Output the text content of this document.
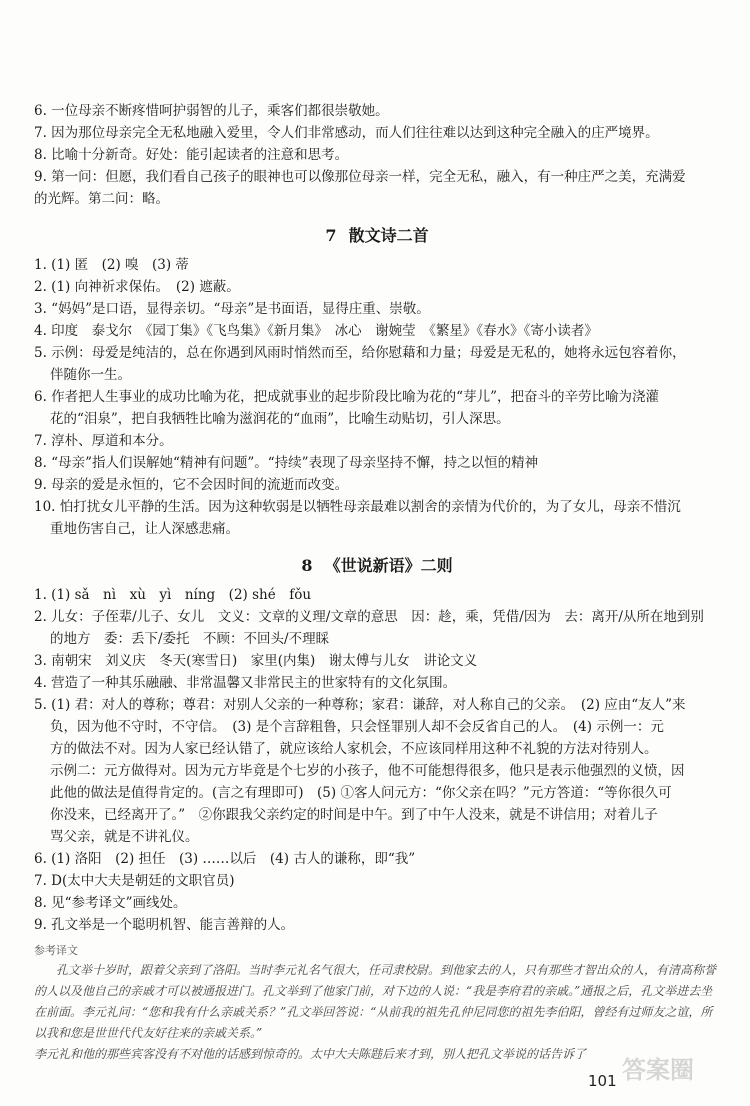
6. 一位母亲不断疼惜呵护弱智的儿子，乘客们都很崇敬她。

7. 因为那位母亲完全无私地融入爱里，令人们非常感动，而人们往往难以达到这种完全融入的庄严境界。

8. 比喻十分新奇。好处：能引起读者的注意和思考。

9. 第一问：但愿，我们看自己孩子的眼神也可以像那位母亲一样，完全无私，融入，有一种庄严之美，充满爱

的光辉。第二问：略。

7 散文诗二首

1. (1) 匿　(2) 嗅　(3) 蒂

2. (1) 向神祈求保佑。　(2) 遮蔽。

3. “妈妈”是口语，显得亲切。“母亲”是书面语，显得庄重、崇敬。

4. 印度　泰戈尔　《园丁集》《飞鸟集》《新月集》　冰心　谢婉莹　《繁星》《春水》《寄小读者》

5. 示例：母爱是纯洁的，总在你遇到风雨时悄然而至，给你慰藉和力量；母爱是无私的，她将永远包容着你，

伴随你一生。

6. 作者把人生事业的成功比喻为花，把成就事业的起步阶段比喻为花的“芽儿”，把奋斗的辛劳比喻为浇灌

花的“泪泉”，把自我牺牲比喻为滋润花的“血雨”，比喻生动贴切，引人深思。

7. 淳朴、厚道和本分。

8. “母亲”指人们误解她“精神有问题”。“持续”表现了母亲坚持不懈，持之以恒的精神

9. 母亲的爱是永恒的，它不会因时间的流逝而改变。

10. 怕打扰女儿平静的生活。因为这种软弱是以牺牲母亲最难以割舍的亲情为代价的，为了女儿，母亲不惜沉

重地伤害自己，让人深感悲痛。

8 《世说新语》二则

1. (1) sǎ　nì　xù　yì　níng　(2) shé　fǒu

2. 儿女：子侄辈/儿子、女儿　文义：文章的义理/文章的意思　因：趁，乘，凭借/因为　去：离开/从所在地到别

的地方　委：丢下/委托　不顾：不回头/不理睬

3. 南朝宋　刘义庆　冬天(寒雪日)　家里(内集)　谢太傅与儿女　讲论文义

4. 营造了一种其乐融融、非常温馨又非常民主的世家特有的文化氛围。

5. (1) 君：对人的尊称；尊君：对别人父亲的一种尊称；家君：谦辞，对人称自己的父亲。　(2) 应由“友人”来

负，因为他不守时，不守信。　(3) 是个言辞粗鲁，只会怪罪别人却不会反省自己的人。　(4) 示例一：元

方的做法不对。因为人家已经认错了，就应该给人家机会，不应该同样用这种不礼貌的方法对待别人。

示例二：元方做得对。因为元方毕竟是个七岁的小孩子，他不可能想得很多，他只是表示他强烈的义愤，因

此他的做法是值得肯定的。(言之有理即可)　(5) ①客人问元方：“你父亲在吗？”元方答道：“等你很久可

你没来，已经离开了。”　②你跟我父亲约定的时间是中午。到了中午人没来，就是不讲信用；对着儿子

骂父亲，就是不讲礼仪。

6. (1) 洛阳　(2) 担任　(3) ……以后　(4) 古人的谦称，即“我”

7. D(太中大夫是朝廷的文职官员)

8. 见“参考译文”画线处。

9. 孔文举是一个聪明机智、能言善辩的人。

参考译文

孔文举十岁时，跟着父亲到了洛阳。当时李元礼名气很大，任司隶校尉。到他家去的人，只有那些才智出众的人，有清高称誉的人以及他自己的亲戚才可以被通报进门。孔文举到了他家门前，对下边的人说：“我是李府君的亲戚。”通报之后，孔文举进去坐在前面。李元礼问：“您和我有什么亲戚关系？”孔文举回答说：“从前我的祖先孔仲尼同您的祖先李伯阳，曾经有过师友之谊，所以我和您是世世代代友好往来的亲戚关系。”

李元礼和他的那些宾客没有不对他的话感到惊奇的。太中大夫陈韪后来才到，别人把孔文举说的话告诉了

101 答案圈
